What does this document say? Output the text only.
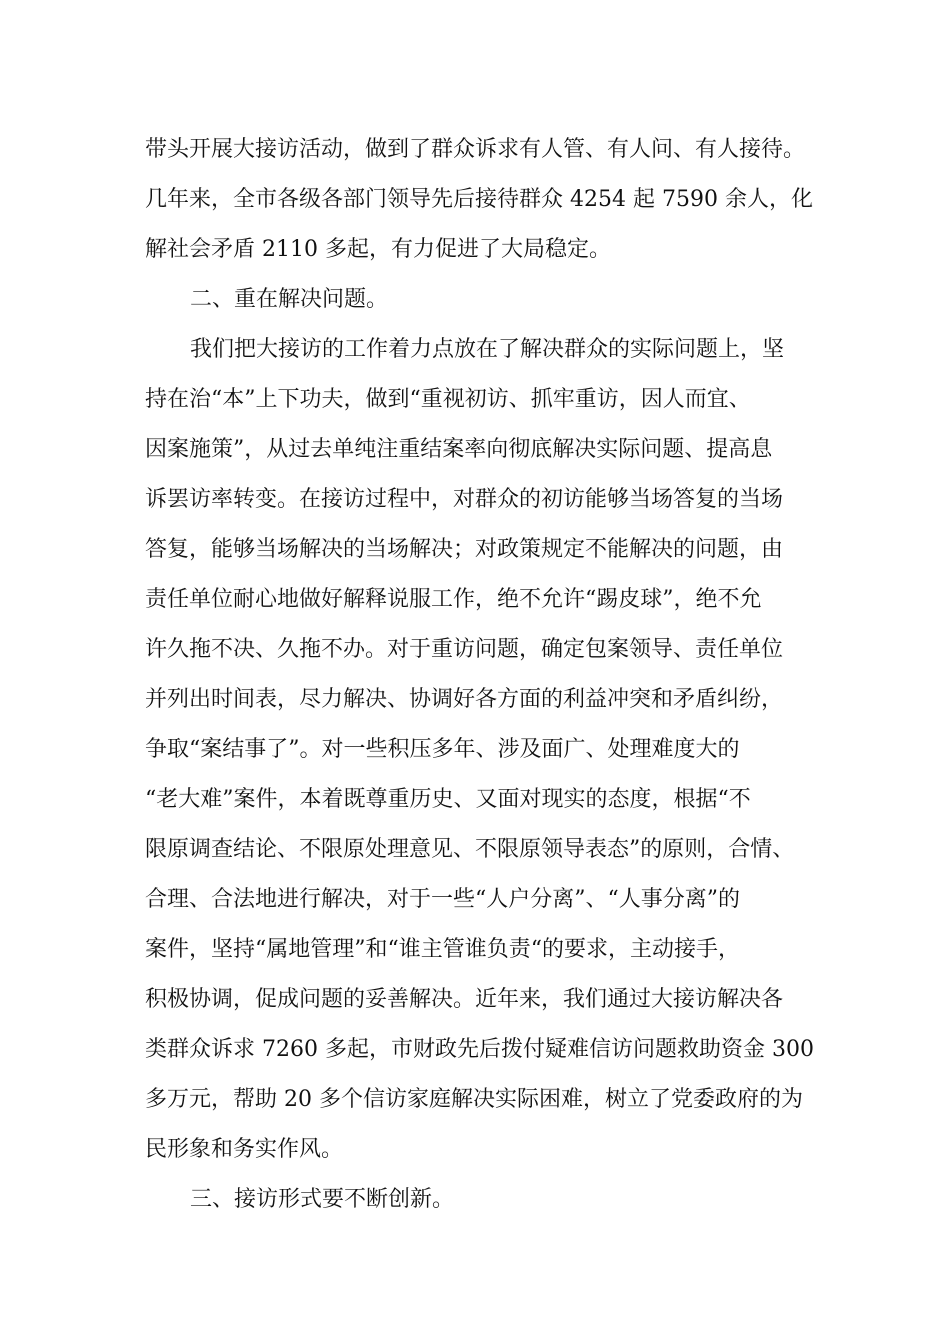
带头开展大接访活动，做到了群众诉求有人管、有人问、有人接待。
几年来，全市各级各部门领导先后接待群众 4254 起 7590 余人，化
解社会矛盾 2110 多起，有力促进了大局稳定。
二、重在解决问题。
我们把大接访的工作着力点放在了解决群众的实际问题上，坚
持在治“本”上下功夫，做到“重视初访、抓牢重访，因人而宜、
因案施策”，从过去单纯注重结案率向彻底解决实际问题、提高息
诉罢访率转变。在接访过程中，对群众的初访能够当场答复的当场
答复，能够当场解决的当场解决；对政策规定不能解决的问题，由
责任单位耐心地做好解释说服工作，绝不允许“踢皮球”，绝不允
许久拖不决、久拖不办。对于重访问题，确定包案领导、责任单位
并列出时间表，尽力解决、协调好各方面的利益冲突和矛盾纠纷，
争取“案结事了”。对一些积压多年、涉及面广、处理难度大的
“老大难”案件，本着既尊重历史、又面对现实的态度，根据“不
限原调查结论、不限原处理意见、不限原领导表态”的原则，合情、
合理、合法地进行解决，对于一些“人户分离”、“人事分离”的
案件，坚持“属地管理”和“谁主管谁负责“的要求，主动接手，
积极协调，促成问题的妥善解决。近年来，我们通过大接访解决各
类群众诉求 7260 多起，市财政先后拨付疑难信访问题救助资金 300
多万元，帮助 20 多个信访家庭解决实际困难，树立了党委政府的为
民形象和务实作风。
三、接访形式要不断创新。
